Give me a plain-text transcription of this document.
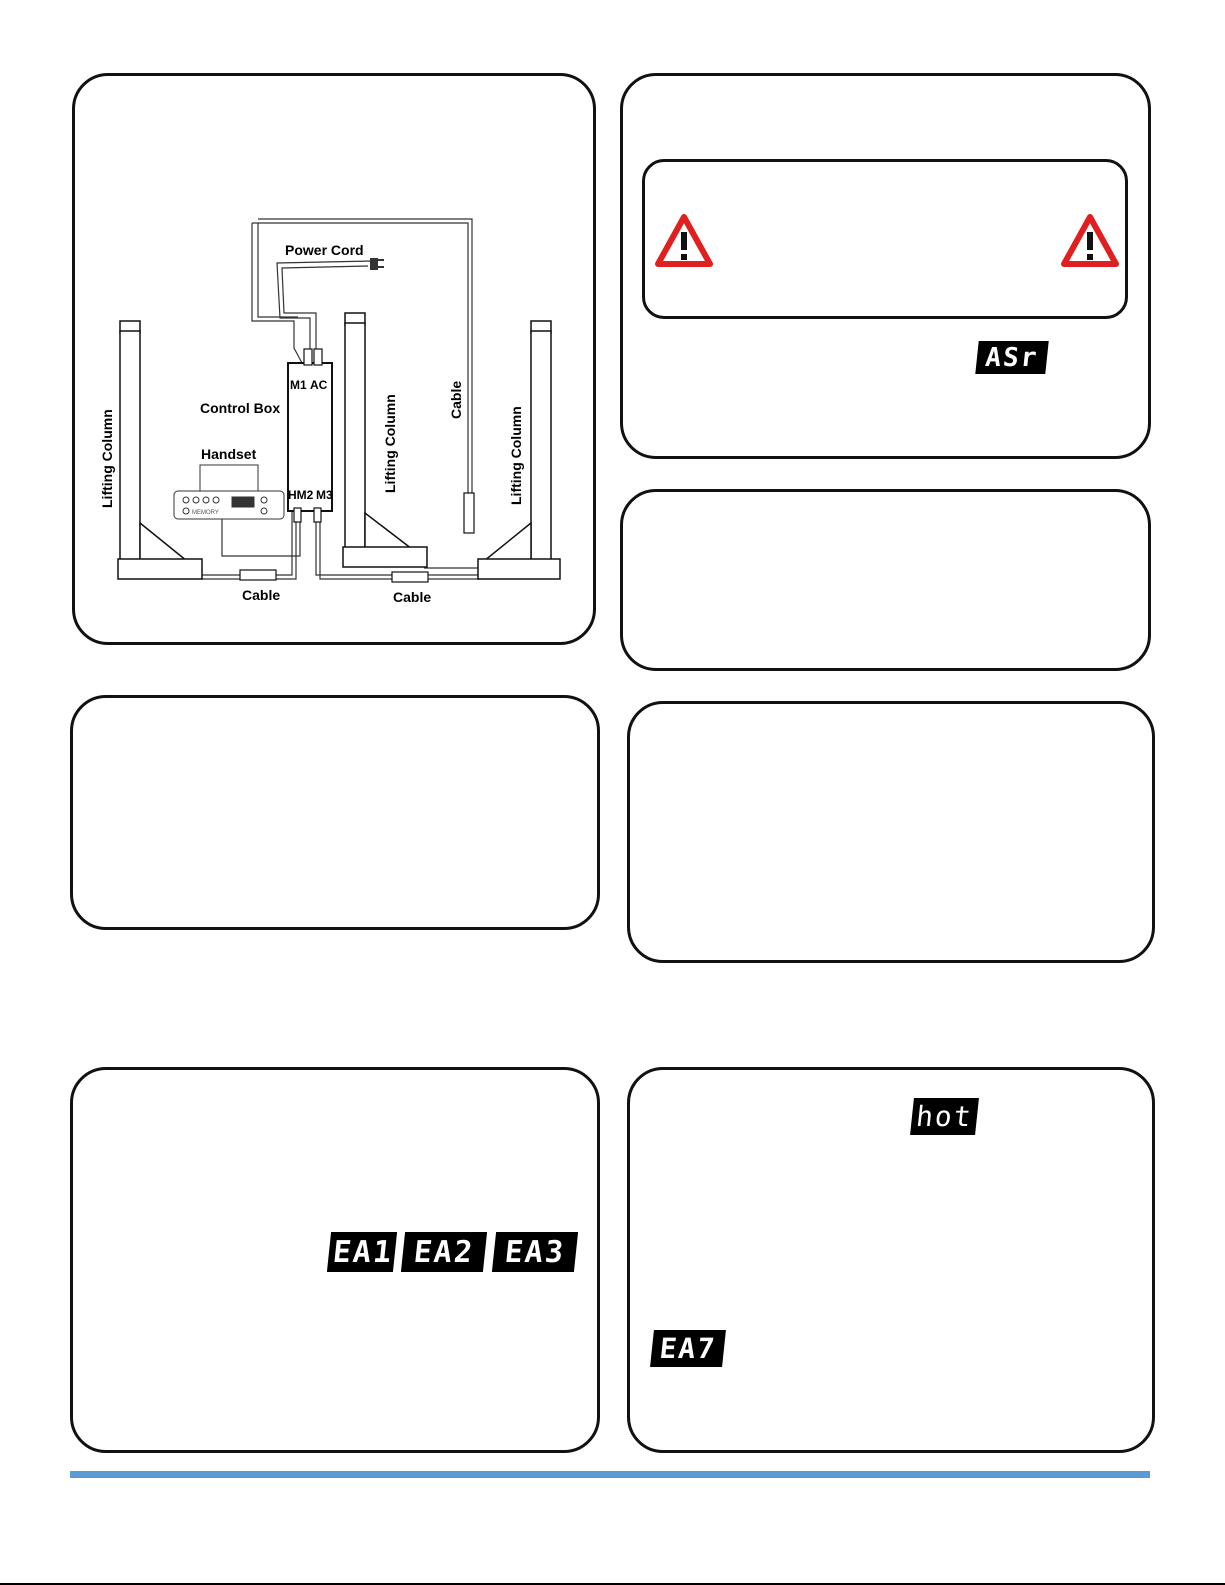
M1 AC
HM2 M3
MEMORY
Power Cord
Control Box
Handset
Cable	Cable
Lifting Column	Lifting Column	Lifting Column
Cable
ASr
EA1 EA2 EA3
hot
EA7
